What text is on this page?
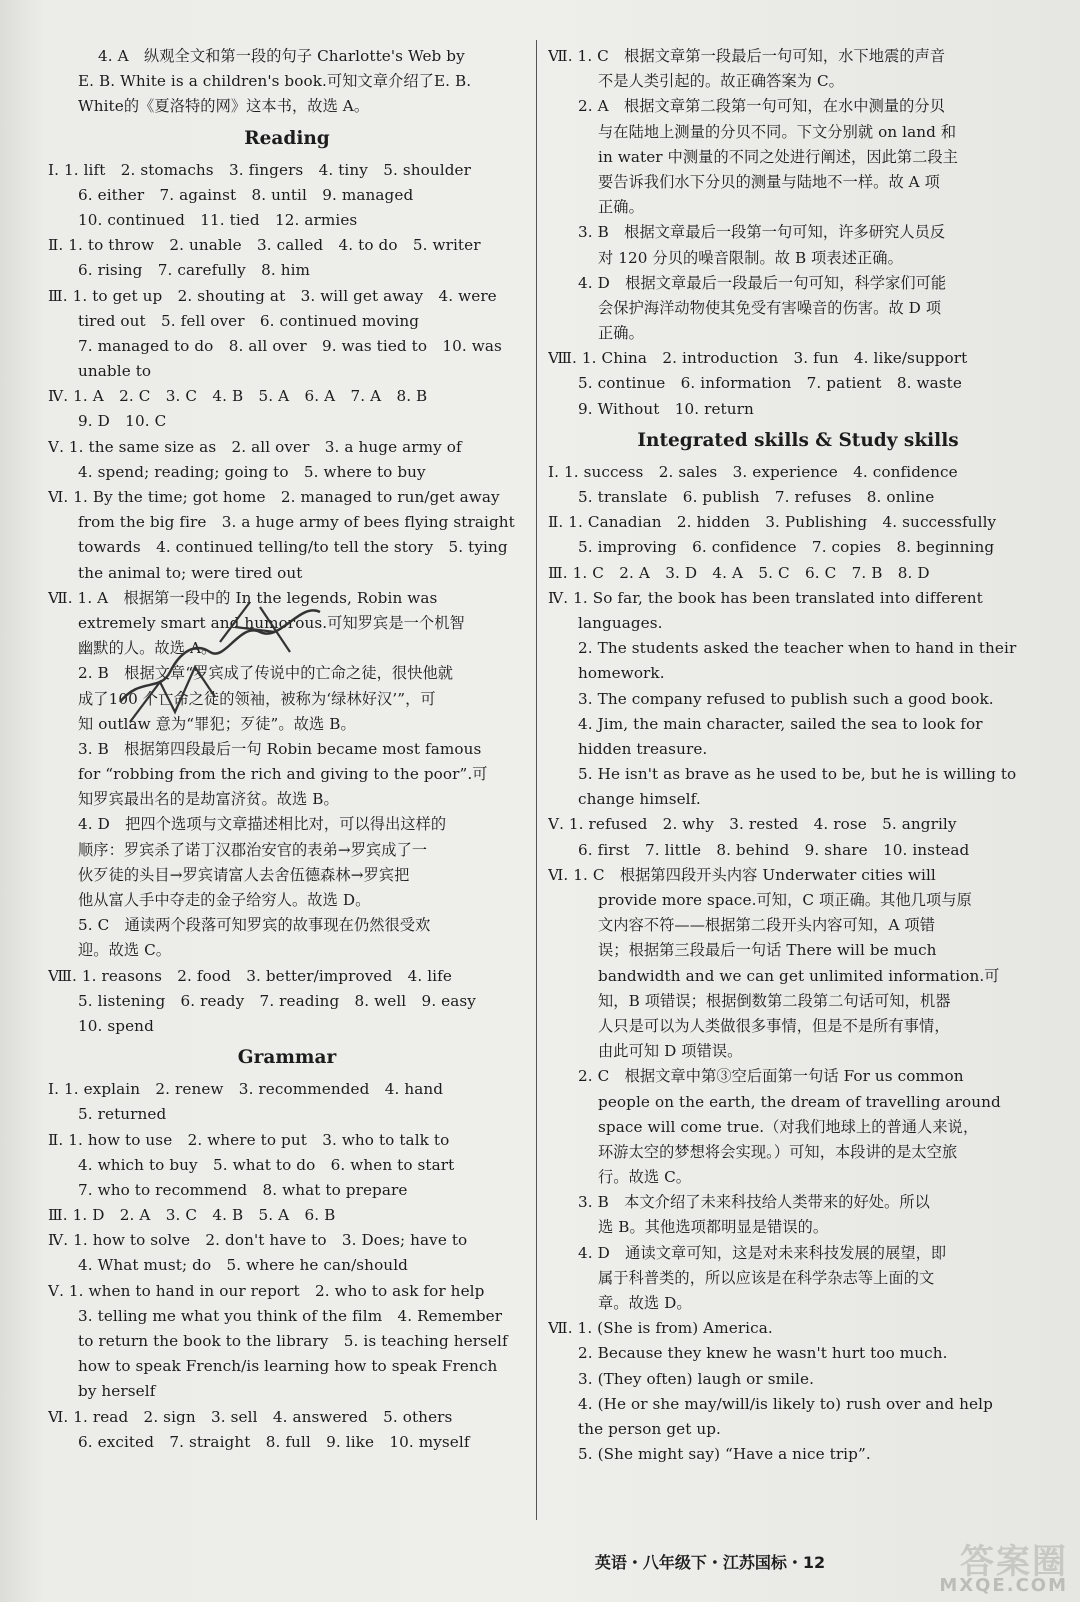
4. A　纵观全文和第一段的句子 Charlotte's Web by
E. B. White is a children's book.可知文章介绍了E. B.
White的《夏洛特的网》这本书，故选 A。
Reading
Ⅰ. 1. lift　2. stomachs　3. fingers　4. tiny　5. shoulder
6. either　7. against　8. until　9. managed
10. continued　11. tied　12. armies
Ⅱ. 1. to throw　2. unable　3. called　4. to do　5. writer
6. rising　7. carefully　8. him
Ⅲ. 1. to get up　2. shouting at　3. will get away　4. were
tired out　5. fell over　6. continued moving
7. managed to do　8. all over　9. was tied to　10. was
unable to
Ⅳ. 1. A　2. C　3. C　4. B　5. A　6. A　7. A　8. B
9. D　10. C
Ⅴ. 1. the same size as　2. all over　3. a huge army of
4. spend; reading; going to　5. where to buy
Ⅵ. 1. By the time; got home　2. managed to run/get away
from the big fire　3. a huge army of bees flying straight
towards　4. continued telling/to tell the story　5. tying
the animal to; were tired out
Ⅶ. 1. A　根据第一段中的 In the legends, Robin was
extremely smart and humorous.可知罗宾是一个机智
幽默的人。故选 A。
2. B　根据文章“罗宾成了传说中的亡命之徒，很快他就
成了100 个亡命之徒的领袖，被称为‘绿林好汉’”，可
知 outlaw 意为“罪犯；歹徒”。故选 B。
3. B　根据第四段最后一句 Robin became most famous
for “robbing from the rich and giving to the poor”.可
知罗宾最出名的是劫富济贫。故选 B。
4. D　把四个选项与文章描述相比对，可以得出这样的
顺序：罗宾杀了诺丁汉郡治安官的表弟→罗宾成了一
伙歹徒的头目→罗宾请富人去舍伍德森林→罗宾把
他从富人手中夺走的金子给穷人。故选 D。
5. C　通读两个段落可知罗宾的故事现在仍然很受欢
迎。故选 C。
Ⅷ. 1. reasons　2. food　3. better/improved　4. life
5. listening　6. ready　7. reading　8. well　9. easy
10. spend
Grammar
Ⅰ. 1. explain　2. renew　3. recommended　4. hand
5. returned
Ⅱ. 1. how to use　2. where to put　3. who to talk to
4. which to buy　5. what to do　6. when to start
7. who to recommend　8. what to prepare
Ⅲ. 1. D　2. A　3. C　4. B　5. A　6. B
Ⅳ. 1. how to solve　2. don't have to　3. Does; have to
4. What must; do　5. where he can/should
Ⅴ. 1. when to hand in our report　2. who to ask for help
3. telling me what you think of the film　4. Remember
to return the book to the library　5. is teaching herself
how to speak French/is learning how to speak French
by herself
Ⅵ. 1. read　2. sign　3. sell　4. answered　5. others
6. excited　7. straight　8. full　9. like　10. myself
Ⅶ. 1. C　根据文章第一段最后一句可知，水下地震的声音
不是人类引起的。故正确答案为 C。
2. A　根据文章第二段第一句可知，在水中测量的分贝
与在陆地上测量的分贝不同。下文分别就 on land 和
in water 中测量的不同之处进行阐述，因此第二段主
要告诉我们水下分贝的测量与陆地不一样。故 A 项
正确。
3. B　根据文章最后一段第一句可知，许多研究人员反
对 120 分贝的噪音限制。故 B 项表述正确。
4. D　根据文章最后一段最后一句可知，科学家们可能
会保护海洋动物使其免受有害噪音的伤害。故 D 项
正确。
Ⅷ. 1. China　2. introduction　3. fun　4. like/support
5. continue　6. information　7. patient　8. waste
9. Without　10. return
Integrated skills & Study skills
Ⅰ. 1. success　2. sales　3. experience　4. confidence
5. translate　6. publish　7. refuses　8. online
Ⅱ. 1. Canadian　2. hidden　3. Publishing　4. successfully
5. improving　6. confidence　7. copies　8. beginning
Ⅲ. 1. C　2. A　3. D　4. A　5. C　6. C　7. B　8. D
Ⅳ. 1. So far, the book has been translated into different
languages.
2. The students asked the teacher when to hand in their
homework.
3. The company refused to publish such a good book.
4. Jim, the main character, sailed the sea to look for
hidden treasure.
5. He isn't as brave as he used to be, but he is willing to
change himself.
Ⅴ. 1. refused　2. why　3. rested　4. rose　5. angrily
6. first　7. little　8. behind　9. share　10. instead
Ⅵ. 1. C　根据第四段开头内容 Underwater cities will
provide more space.可知，C 项正确。其他几项与原
文内容不符——根据第二段开头内容可知，A 项错
误；根据第三段最后一句话 There will be much
bandwidth and we can get unlimited information.可
知，B 项错误；根据倒数第二段第二句话可知，机器
人只是可以为人类做很多事情，但是不是所有事情，
由此可知 D 项错误。
2. C　根据文章中第③空后面第一句话 For us common
people on the earth, the dream of travelling around
space will come true.（对我们地球上的普通人来说，
环游太空的梦想将会实现。）可知，本段讲的是太空旅
行。故选 C。
3. B　本文介绍了未来科技给人类带来的好处。所以
选 B。其他选项都明显是错误的。
4. D　通读文章可知，这是对未来科技发展的展望，即
属于科普类的，所以应该是在科学杂志等上面的文
章。故选 D。
Ⅶ. 1. (She is from) America.
2. Because they knew he wasn't hurt too much.
3. (They often) laugh or smile.
4. (He or she may/will/is likely to) rush over and help
the person get up.
5. (She might say) “Have a nice trip”.
英语・八年级下・江苏国标・12	答案圈
MXQE.COM
